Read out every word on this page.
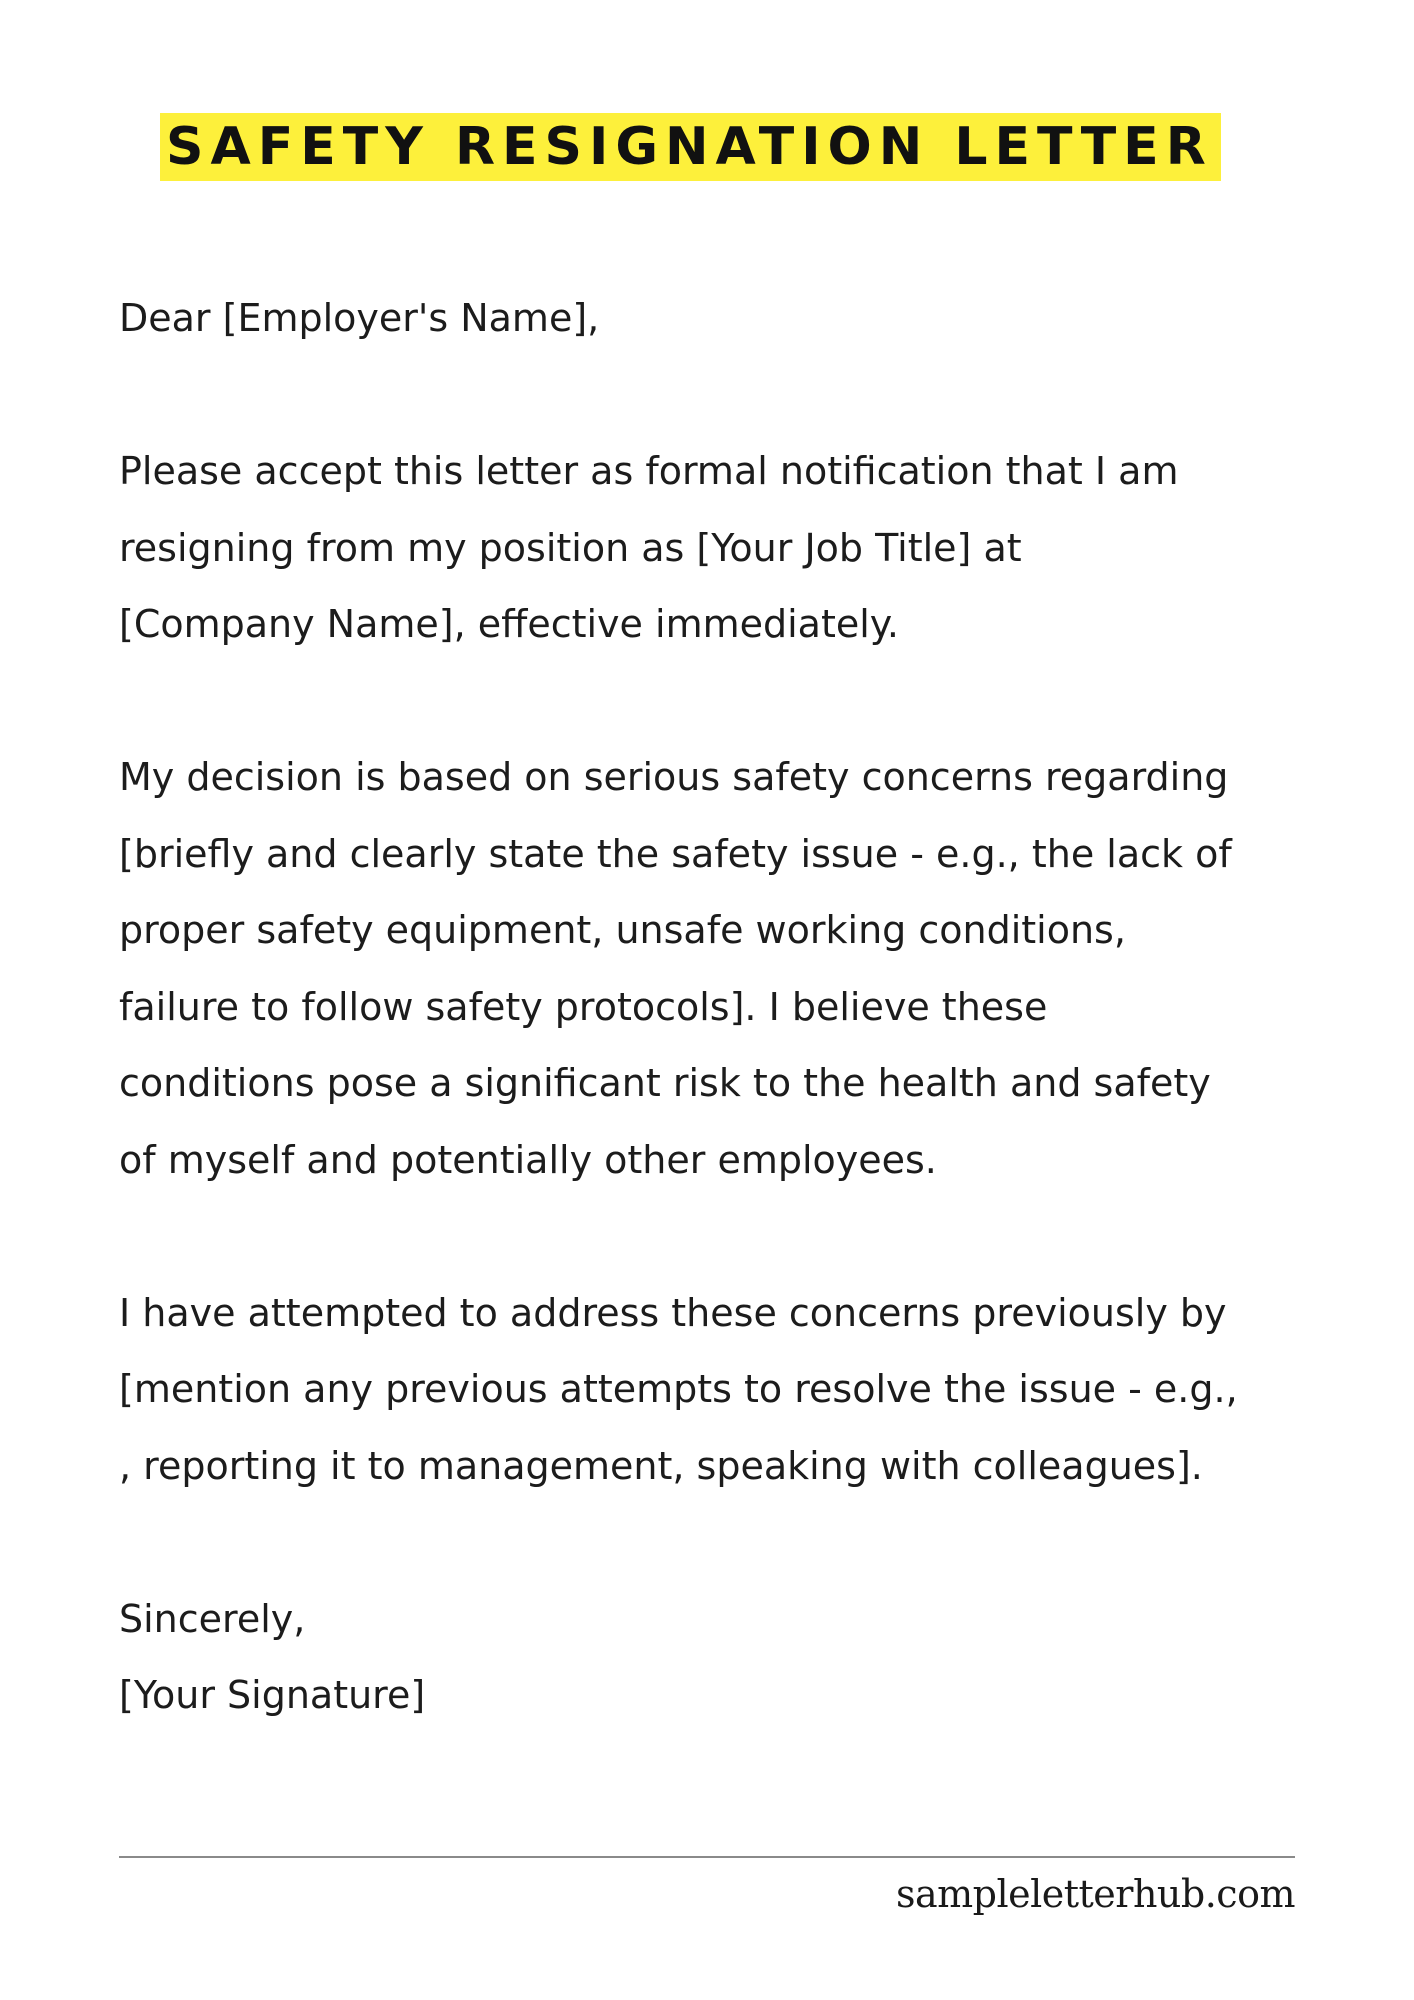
SAFETY RESIGNATION LETTER

Dear [Employer's Name],

Please accept this letter as formal notification that I am
resigning from my position as [Your Job Title] at
[Company Name], effective immediately.

My decision is based on serious safety concerns regarding
[briefly and clearly state the safety issue - e.g., the lack of
proper safety equipment, unsafe working conditions,
failure to follow safety protocols]. I believe these
conditions pose a significant risk to the health and safety
of myself and potentially other employees.

I have attempted to address these concerns previously by
[mention any previous attempts to resolve the issue - e.g.,
, reporting it to management, speaking with colleagues].

Sincerely,

[Your Signature]

sampleletterhub.com
